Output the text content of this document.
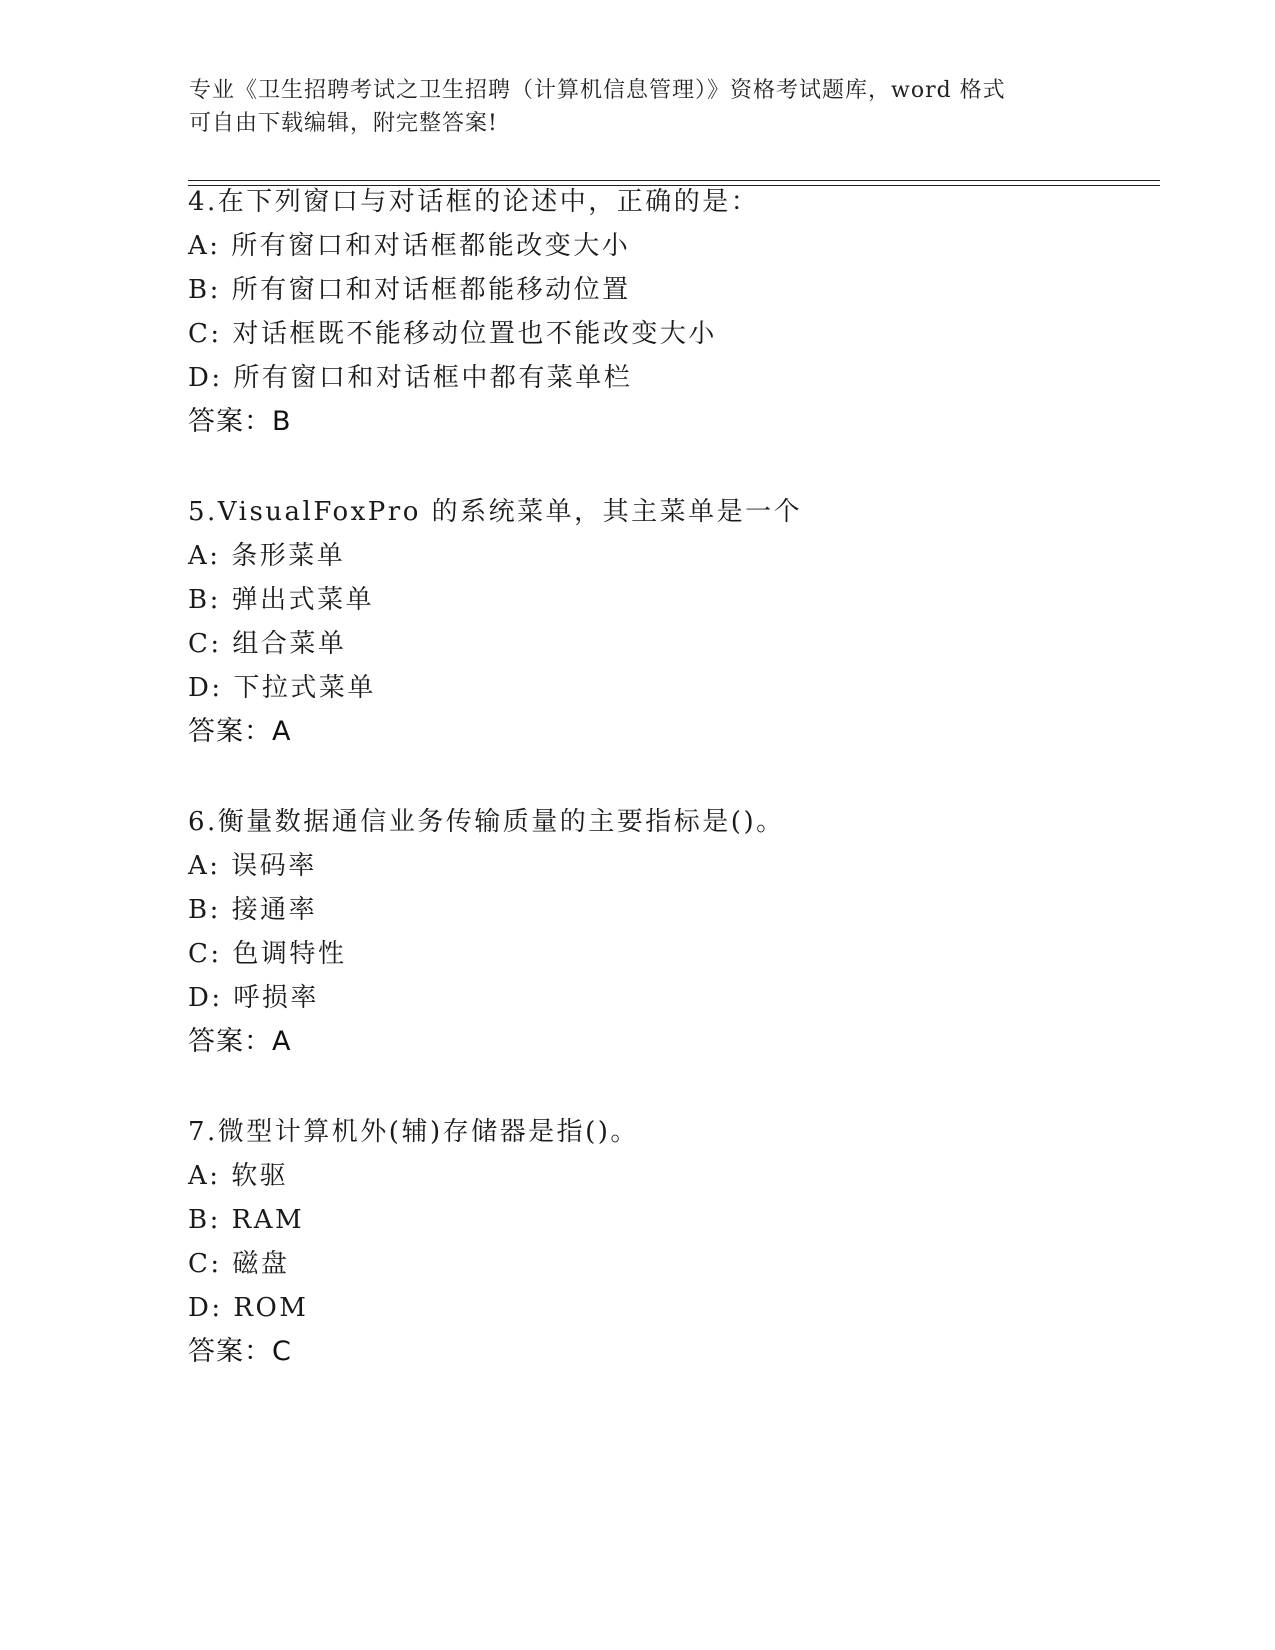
专业《卫生招聘考试之卫生招聘（计算机信息管理）》资格考试题库，word 格式
可自由下载编辑，附完整答案!
4.在下列窗口与对话框的论述中，正确的是：
A: 所有窗口和对话框都能改变大小
B: 所有窗口和对话框都能移动位置
C: 对话框既不能移动位置也不能改变大小
D: 所有窗口和对话框中都有菜单栏
答案：B
5.VisualFoxPro 的系统菜单，其主菜单是一个
A: 条形菜单
B: 弹出式菜单
C: 组合菜单
D: 下拉式菜单
答案：A
6.衡量数据通信业务传输质量的主要指标是()。
A: 误码率
B: 接通率
C: 色调特性
D: 呼损率
答案：A
7.微型计算机外(辅)存储器是指()。
A: 软驱
B: RAM
C: 磁盘
D: ROM
答案：C
